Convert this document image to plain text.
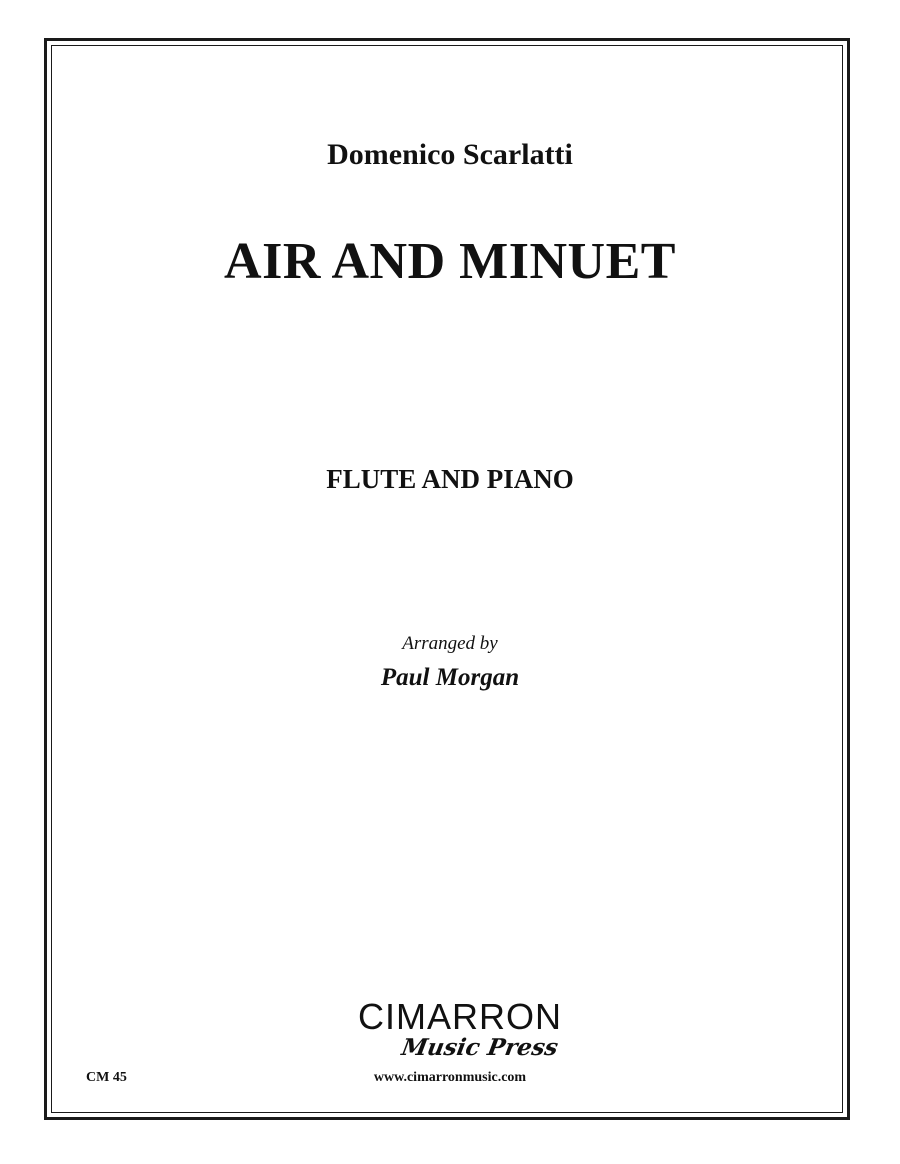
Domenico Scarlatti
AIR AND MINUET
FLUTE AND PIANO
Arranged by
Paul Morgan
CIMARRON
Music Press
www.cimarronmusic.com
CM 45
